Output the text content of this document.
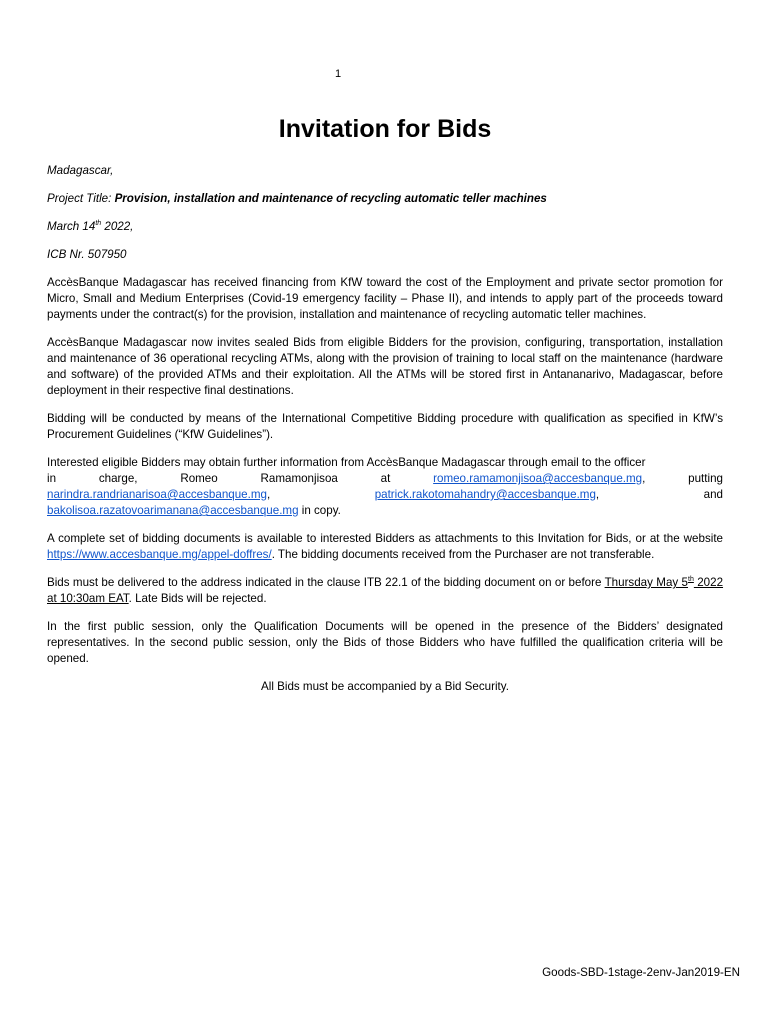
1
Invitation for Bids

Madagascar,

Project Title: Provision, installation and maintenance of recycling automatic teller machines

March 14th 2022,

ICB Nr. 507950

AccèsBanque Madagascar has received financing from KfW toward the cost of the Employment and private sector promotion for Micro, Small and Medium Enterprises (Covid-19 emergency facility – Phase II), and intends to apply part of the proceeds toward payments under the contract(s) for the provision, installation and maintenance of recycling automatic teller machines.

AccèsBanque Madagascar now invites sealed Bids from eligible Bidders for the provision, configuring, transportation, installation and maintenance of 36 operational recycling ATMs, along with the provision of training to local staff on the maintenance (hardware and software) of the provided ATMs and their exploitation. All the ATMs will be stored first in Antananarivo, Madagascar, before deployment in their respective final destinations.

Bidding will be conducted by means of the International Competitive Bidding procedure with qualification as specified in KfW’s Procurement Guidelines (“KfW Guidelines”).

Interested eligible Bidders may obtain further information from AccèsBanque Madagascar through email to the officer

in	charge,	Romeo	Ramamonjisoa	at	romeo.ramamonjisoa@accesbanque.mg,	putting
narindra.randrianarisoa@accesbanque.mg,	patrick.rakotomahandry@accesbanque.mg,	and
bakolisoa.razatovoarimanana@accesbanque.mg in copy.

A complete set of bidding documents is available to interested Bidders as attachments to this Invitation for Bids, or at the website https://www.accesbanque.mg/appel-doffres/. The bidding documents received from the Purchaser are not transferable.

Bids must be delivered to the address indicated in the clause ITB 22.1 of the bidding document on or before Thursday May 5th 2022 at 10:30am EAT. Late Bids will be rejected.

In the first public session, only the Qualification Documents will be opened in the presence of the Bidders’ designated representatives. In the second public session, only the Bids of those Bidders who have fulfilled the qualification criteria will be opened.

All Bids must be accompanied by a Bid Security.

Goods-SBD-1stage-2env-Jan2019-EN
